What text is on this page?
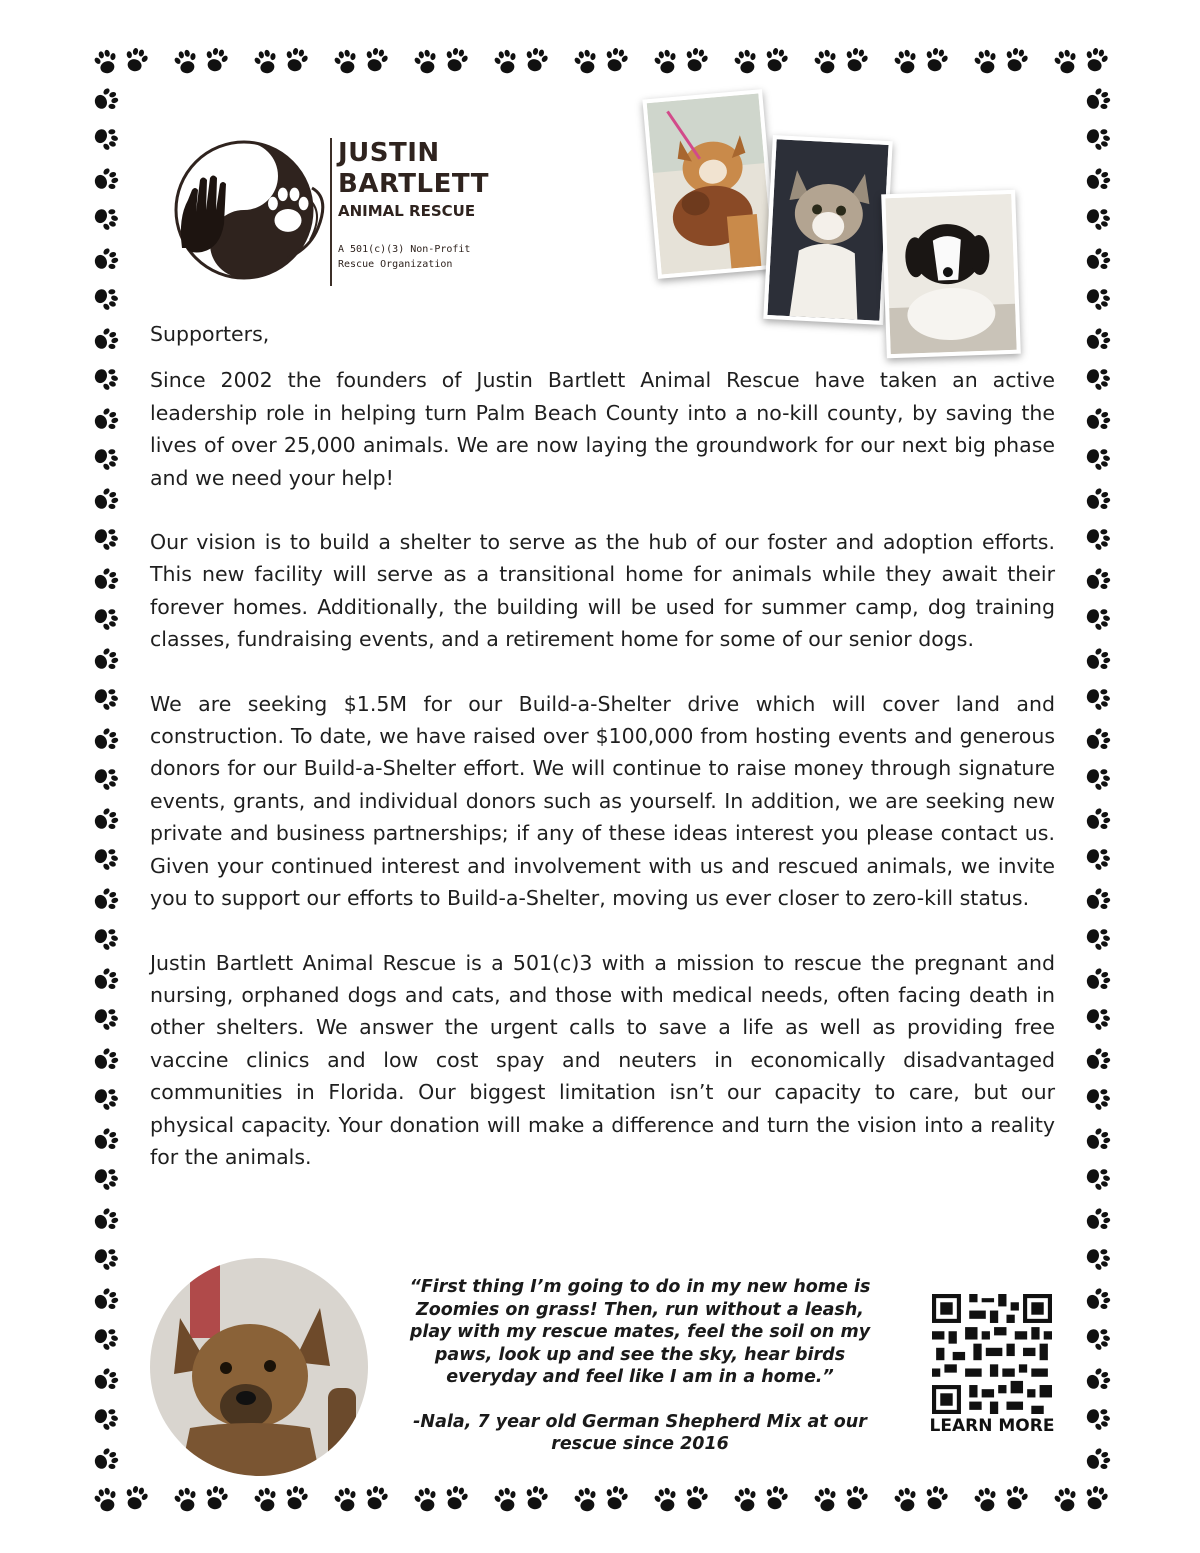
JUSTIN
BARTLETT
ANIMAL RESCUE
A 501(c)(3) Non-Profit
Rescue Organization
Supporters,

Since 2002 the founders of Justin Bartlett Animal Rescue have taken an active leadership role in helping turn Palm Beach County into a no-kill county, by saving the lives of over 25,000 animals. We are now laying the groundwork for our next big phase and we need your help!

Our vision is to build a shelter to serve as the hub of our foster and adoption efforts. This new facility will serve as a transitional home for animals while they await their forever homes. Additionally, the building will be used for summer camp, dog training classes, fundraising events, and a retirement home for some of our senior dogs.

We are seeking $1.5M for our Build-a-Shelter drive which will cover land and construction. To date, we have raised over $100,000 from hosting events and generous donors for our Build-a-Shelter effort. We will continue to raise money through signature events, grants, and individual donors such as yourself. In addition, we are seeking new private and business partnerships; if any of these ideas interest you please contact us. Given your continued interest and involvement with us and rescued animals, we invite you to support our efforts to Build-a-Shelter, moving us ever closer to zero-kill status.

Justin Bartlett Animal Rescue is a 501(c)3 with a mission to rescue the pregnant and nursing, orphaned dogs and cats, and those with medical needs, often facing death in other shelters. We answer the urgent calls to save a life as well as providing free vaccine clinics and low cost spay and neuters in economically disadvantaged communities in Florida. Our biggest limitation isn’t our capacity to care, but our physical capacity. Your donation will make a difference and turn the vision into a reality for the animals.

“First thing I’m going to do in my new home is Zoomies on grass! Then, run without a leash, play with my rescue mates, feel the soil on my paws, look up and see the sky, hear birds everyday and feel like I am in a home.”
-Nala, 7 year old German Shepherd Mix at our rescue since 2016
LEARN MORE
